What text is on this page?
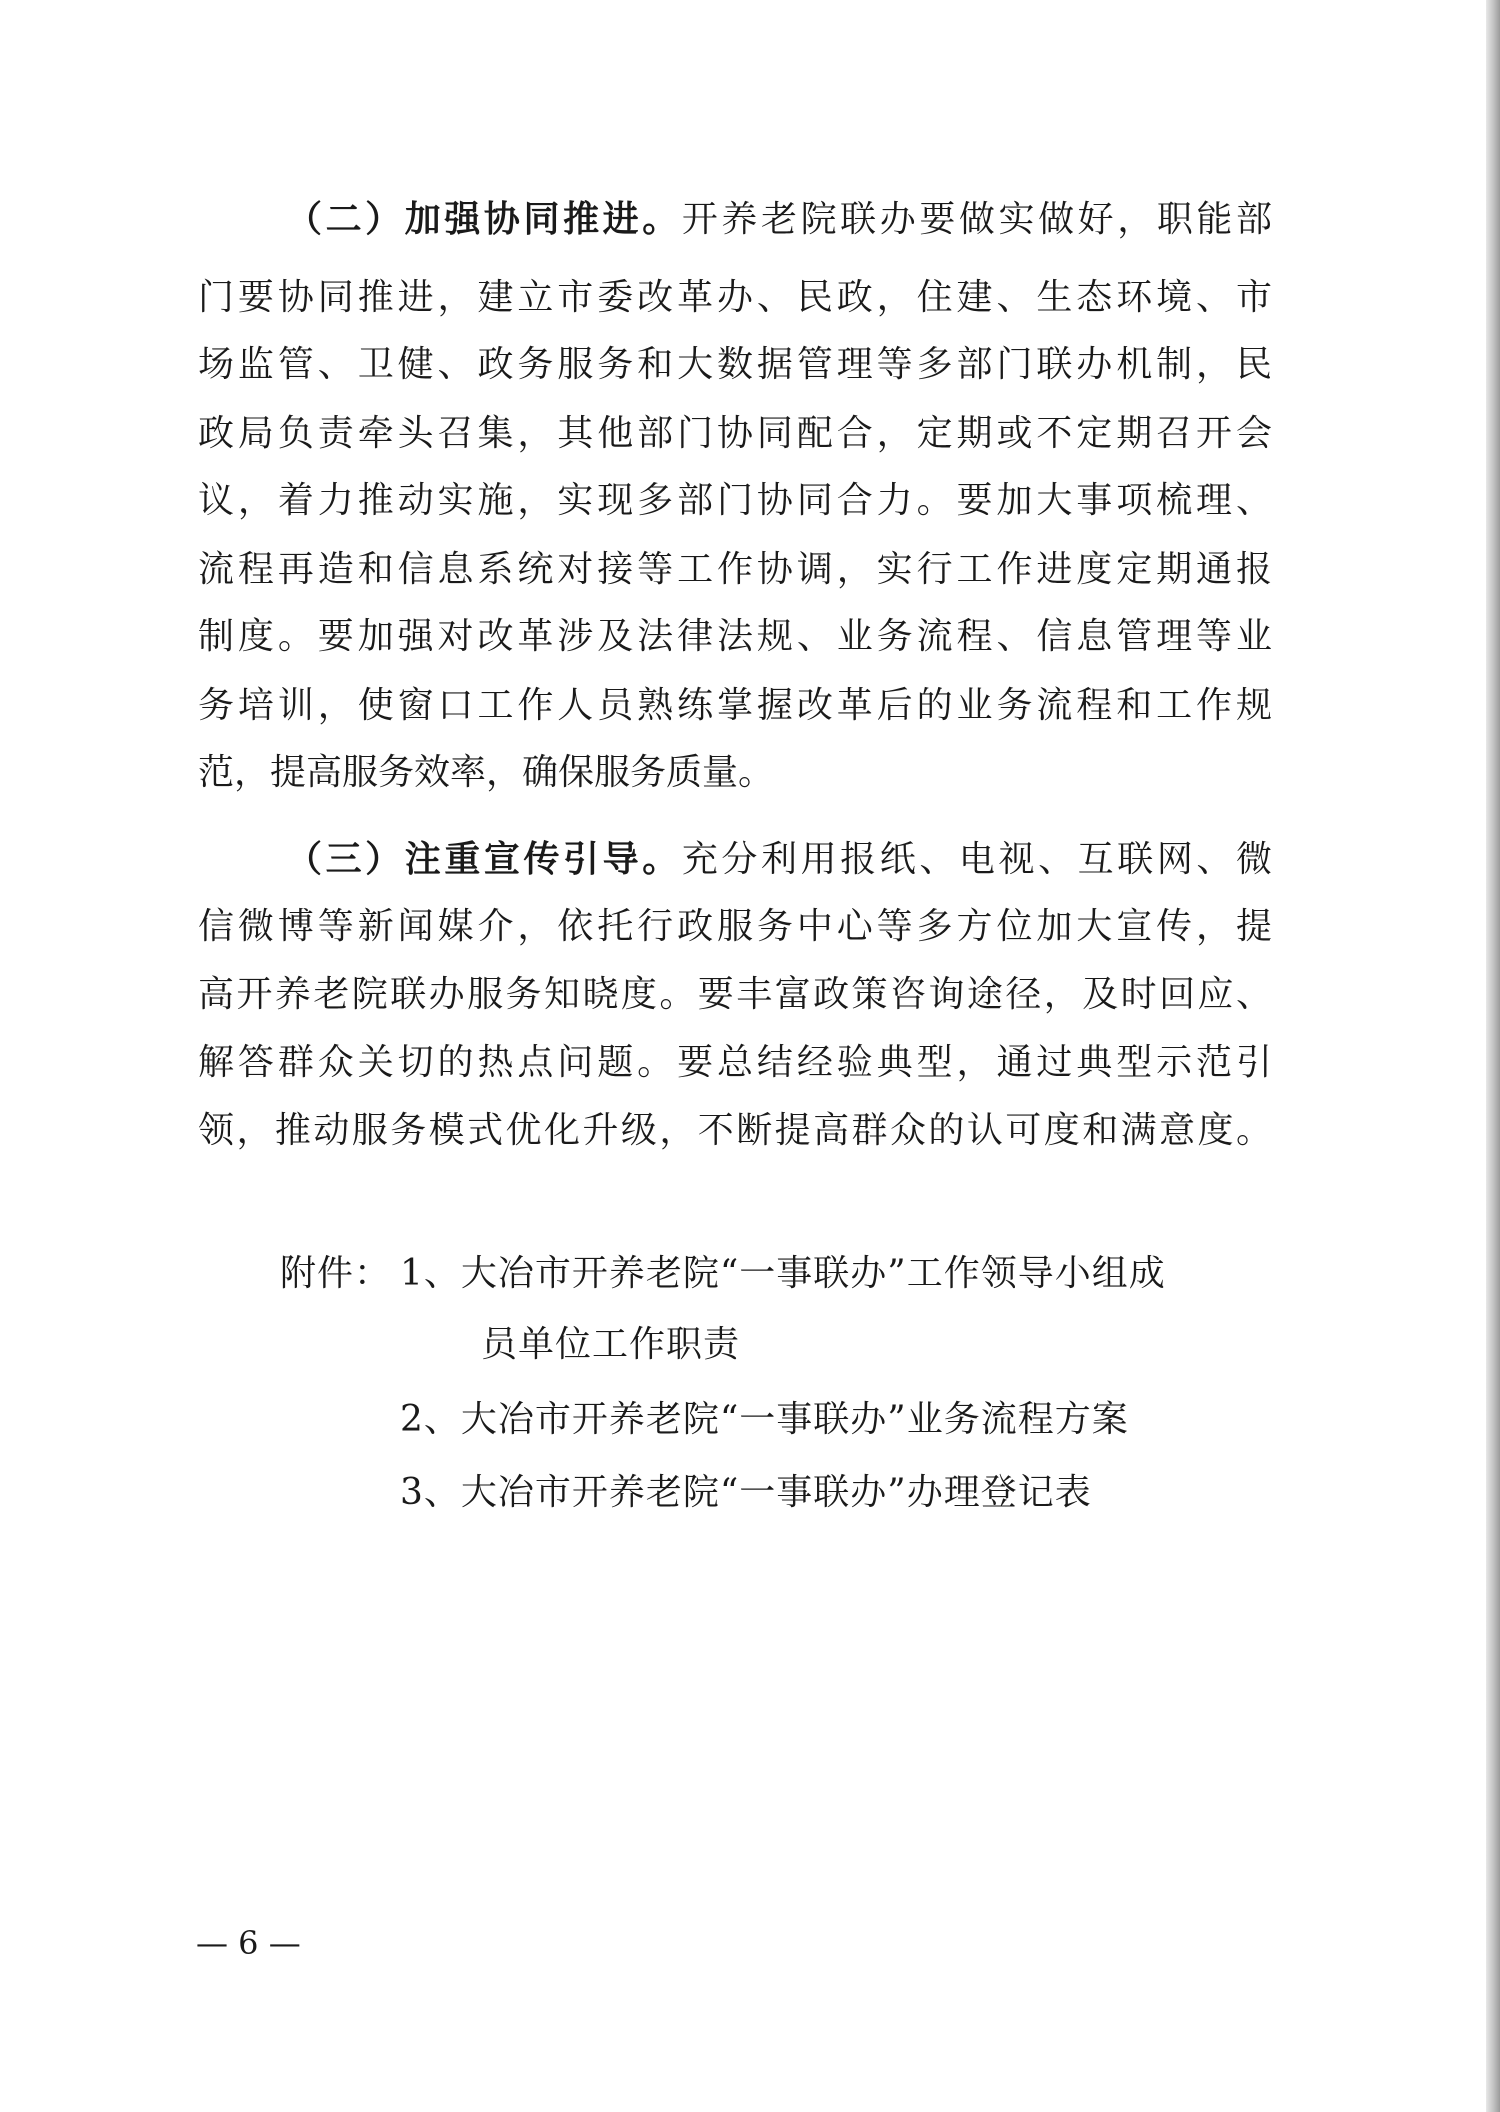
（二）加强协同推进。开养老院联办要做实做好，职能部
门要协同推进，建立市委改革办、民政，住建、生态环境、市
场监管、卫健、政务服务和大数据管理等多部门联办机制，民
政局负责牵头召集，其他部门协同配合，定期或不定期召开会
议，着力推动实施，实现多部门协同合力。要加大事项梳理、
流程再造和信息系统对接等工作协调，实行工作进度定期通报
制度。要加强对改革涉及法律法规、业务流程、信息管理等业
务培训，使窗口工作人员熟练掌握改革后的业务流程和工作规
范，提高服务效率，确保服务质量。
（三）注重宣传引导。充分利用报纸、电视、互联网、微
信微博等新闻媒介，依托行政服务中心等多方位加大宣传，提
高开养老院联办服务知晓度。要丰富政策咨询途径，及时回应、
解答群众关切的热点问题。要总结经验典型，通过典型示范引
领，推动服务模式优化升级，不断提高群众的认可度和满意度。
附件： 1、大冶市开养老院“一事联办”工作领导小组成
员单位工作职责
2、大冶市开养老院“一事联办”业务流程方案
3、大冶市开养老院“一事联办”办理登记表
— 6 —
